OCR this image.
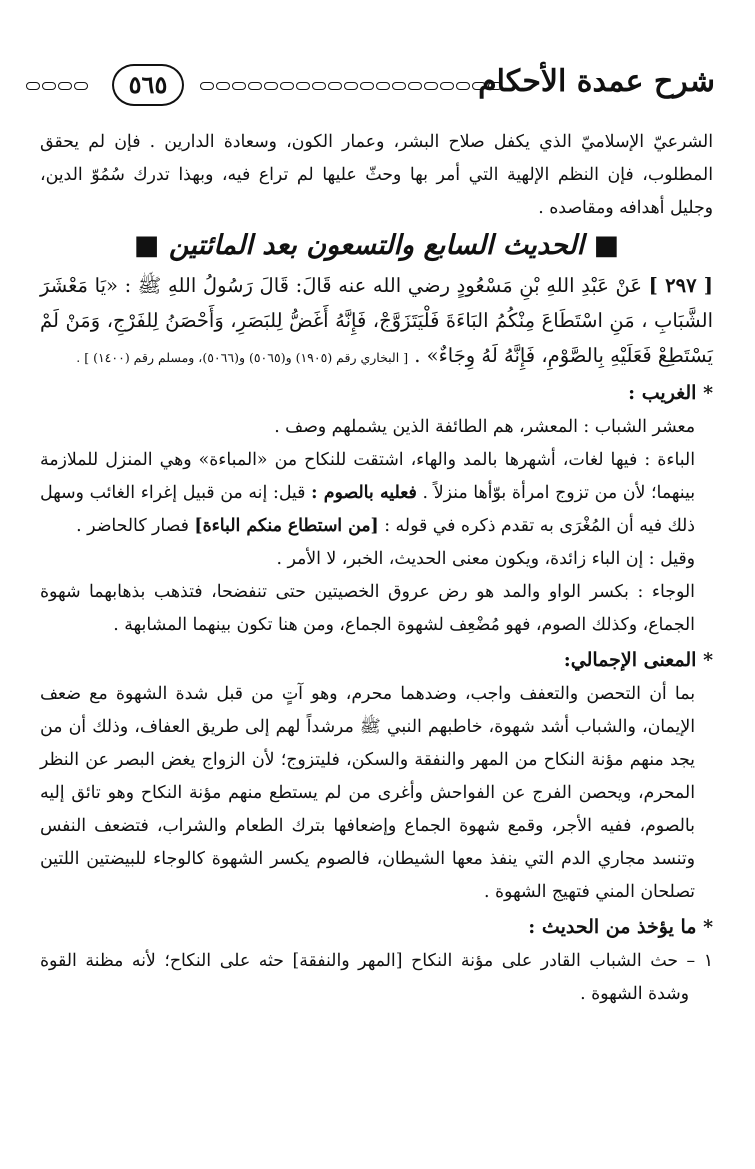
شرح عمدة الأحكام
٥٦٥

الشرعيّ الإسلاميّ الذي يكفل صلاح البشر، وعمار الكون، وسعادة الدارين . فإن لم يحقق

المطلوب، فإن النظم الإلهية التي أمر بها وحثّ عليها لم تراع فيه، وبهذا تدرك سُمُوّ الدين،

وجليل أهدافه ومقاصده .

■ الحديث السابع والتسعون بعد المائتين ■

[ ٢٩٧ ] عَنْ عَبْدِ اللهِ بْنِ مَسْعُودٍ رضي الله عنه قَالَ: قَالَ رَسُولُ اللهِ ﷺ : «يَا مَعْشَرَ الشَّبَابِ ، مَنِ اسْتَطَاعَ مِنْكُمُ البَاءَةَ فَلْيَتَزَوَّجْ، فَإِنَّهُ أَغَضُّ لِلبَصَرِ، وَأَحْصَنُ لِلفَرْجِ، وَمَنْ لَمْ يَسْتَطِعْ فَعَلَيْهِ بِالصَّوْمِ، فَإِنَّهُ لَهُ وِجَاءٌ» . [ البخاري رقم (١٩٠٥) و(٥٠٦٥) و(٥٠٦٦)، ومسلم رقم (١٤٠٠) ] .

* الغريب :

معشر الشباب : المعشر، هم الطائفة الذين يشملهم وصف .

الباءة : فيها لغات، أشهرها بالمد والهاء، اشتقت للنكاح من «المباءة» وهي المنزل للملازمة بينهما؛ لأن من تزوج امرأة بوّأها منزلاً . فعليه بالصوم : قيل: إنه من قبيل إغراء الغائب وسهل ذلك فيه أن المُغْرَى به تقدم ذكره في قوله : [من استطاع منكم الباءة] فصار كالحاضر .

وقيل : إن الباء زائدة، ويكون معنى الحديث، الخبر، لا الأمر .

الوجاء : بكسر الواو والمد هو رض عروق الخصيتين حتى تنفضحا، فتذهب بذهابهما شهوة الجماع، وكذلك الصوم، فهو مُضْعِف لشهوة الجماع، ومن هنا تكون بينهما المشابهة .

* المعنى الإجمالي:

بما أن التحصن والتعفف واجب، وضدهما محرم، وهو آتٍ من قبل شدة الشهوة مع ضعف الإيمان، والشباب أشد شهوة، خاطبهم النبي ﷺ مرشداً لهم إلى طريق العفاف، وذلك أن من يجد منهم مؤنة النكاح من المهر والنفقة والسكن، فليتزوج؛ لأن الزواج يغض البصر عن النظر المحرم، ويحصن الفرج عن الفواحش وأغرى من لم يستطع منهم مؤنة النكاح وهو تائق إليه بالصوم، ففيه الأجر، وقمع شهوة الجماع وإضعافها بترك الطعام والشراب، فتضعف النفس وتنسد مجاري الدم التي ينفذ معها الشيطان، فالصوم يكسر الشهوة كالوجاء للبيضتين اللتين تصلحان المني فتهيج الشهوة .

* ما يؤخذ من الحديث :

١ – حث الشباب القادر على مؤنة النكاح [المهر والنفقة] حثه على النكاح؛ لأنه مظنة القوة وشدة الشهوة .
